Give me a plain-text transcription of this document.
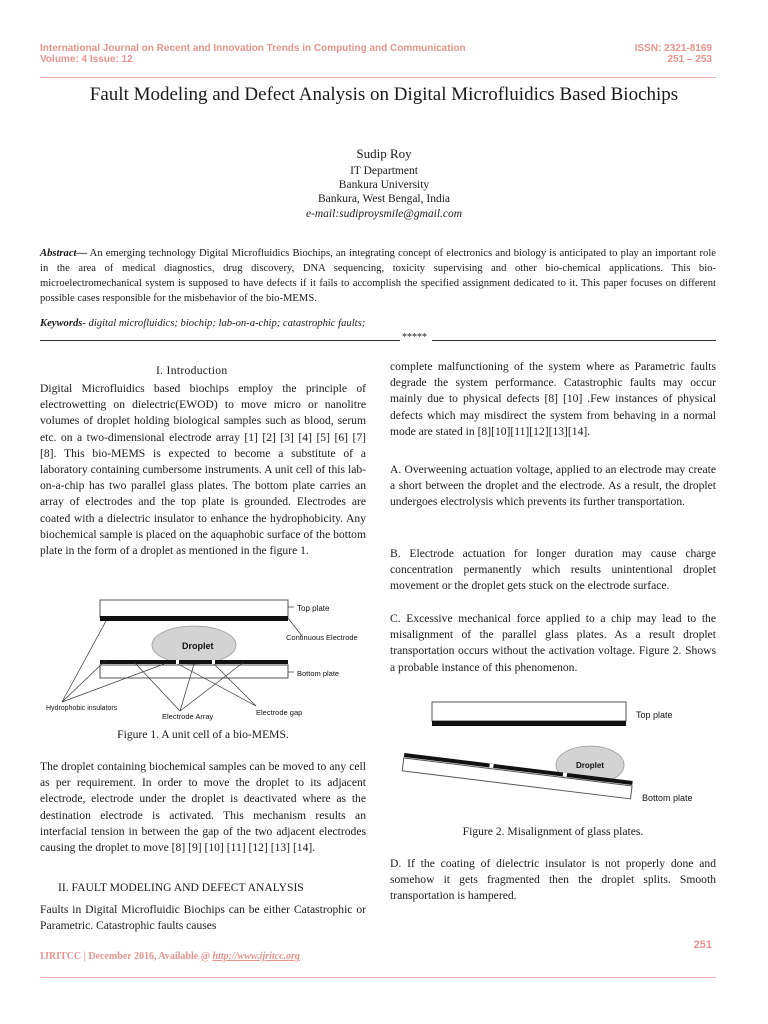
International Journal on Recent and Innovation Trends in Computing and Communication
Volume: 4 Issue: 12
ISSN: 2321-8169
251 – 253
Fault Modeling and Defect Analysis on Digital Microfluidics Based Biochips
Sudip Roy
IT Department
Bankura University
Bankura, West Bengal, India
e-mail:sudiproysmile@gmail.com
Abstract— An emerging technology Digital Microfluidics Biochips, an integrating concept of electronics and biology is anticipated to play an important role in the area of medical diagnostics, drug discovery, DNA sequencing, toxicity supervising and other bio-chemical applications. This bio-microelectromechanical system is supposed to have defects if it fails to accomplish the specified assignment dedicated to it. This paper focuses on different possible cases responsible for the misbehavior of the bio-MEMS.
Keywords- digital microfluidics; biochip; lab-on-a-chip; catastrophic faults;
*****
I. Introduction

Digital Microfluidics based biochips employ the principle of electrowetting on dielectric(EWOD) to move micro or nanolitre volumes of droplet holding biological samples such as blood, serum etc. on a two-dimensional electrode array [1] [2] [3] [4] [5] [6] [7] [8]. This bio-MEMS is expected to become a substitute of a laboratory containing cumbersome instruments. A unit cell of this lab-on-a-chip has two parallel glass plates. The bottom plate carries an array of electrodes and the top plate is grounded. Electrodes are coated with a dielectric insulator to enhance the hydrophobicity. Any biochemical sample is placed on the aquaphobic surface of the bottom plate in the form of a droplet as mentioned in the figure 1.

Top plate
Droplet
Continuous Electrode
Bottom plate
Hydrophobic insulators
Electrode Array	Electrode gap
Figure 1. A unit cell of a bio-MEMS.

The droplet containing biochemical samples can be moved to any cell as per requirement. In order to move the droplet to its adjacent electrode, electrode under the droplet is deactivated where as the destination electrode is activated. This mechanism results an interfacial tension in between the gap of the two adjacent electrodes causing the droplet to move [8] [9] [10] [11] [12] [13] [14].

II. FAULT MODELING AND DEFECT ANALYSIS

Faults in Digital Microfluidic Biochips can be either Catastrophic or Parametric. Catastrophic faults causes

complete malfunctioning of the system where as Parametric faults degrade the system performance. Catastrophic faults may occur mainly due to physical defects [8] [10] .Few instances of physical defects which may misdirect the system from behaving in a normal mode are stated in [8][10][11][12][13][14].

A. Overweening actuation voltage, applied to an electrode may create a short between the droplet and the electrode. As a result, the droplet undergoes electrolysis which prevents its further transportation.

B. Electrode actuation for longer duration may cause charge concentration permanently which results unintentional droplet movement or the droplet gets stuck on the electrode surface.

C. Excessive mechanical force applied to a chip may lead to the misalignment of the parallel glass plates. As a result droplet transportation occurs without the activation voltage. Figure 2. Shows a probable instance of this phenomenon.

Top plate
Droplet
Bottom plate
Figure 2. Misalignment of glass plates.

D. If the coating of dielectric insulator is not properly done and somehow it gets fragmented then the droplet splits. Smooth transportation is hampered.

251
IJRITCC | December 2016, Available @ http://www.ijritcc.org
